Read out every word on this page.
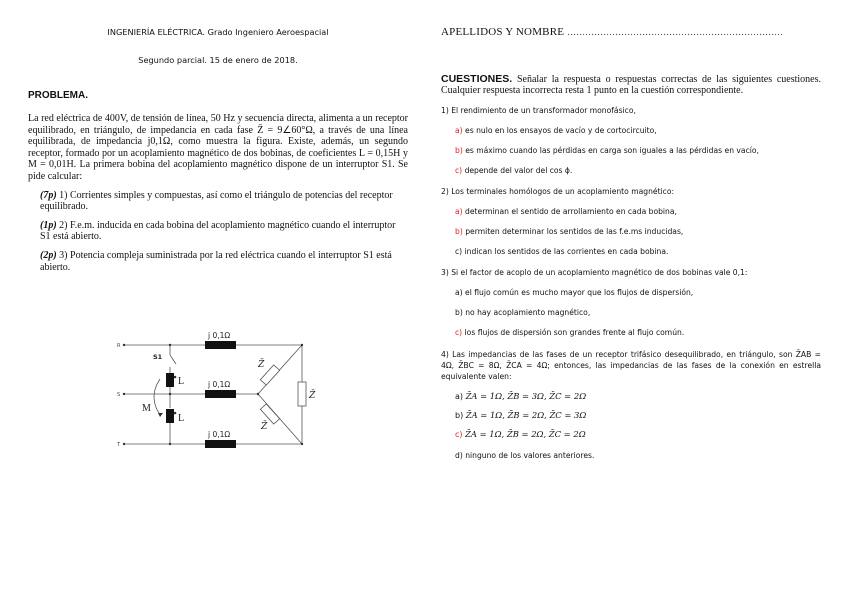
INGENIERÍA ELÉCTRICA. Grado Ingeniero Aeroespacial
Segundo parcial. 15 de enero de 2018.
PROBLEMA.
La red eléctrica de 400V, de tensión de línea, 50 Hz y secuencia directa, alimenta a un receptor equilibrado, en triángulo, de impedancia en cada fase Z̄ = 9∠60°Ω, a través de una línea equilibrada, de impedancia j0,1Ω, como muestra la figura. Existe, además, un segundo receptor, formado por un acoplamiento magnético de dos bobinas, de coeficientes L = 0,15H y M = 0,01H. La primera bobina del acoplamiento magnético dispone de un interruptor S1. Se pide calcular:
(7p) 1) Corrientes simples y compuestas, así como el triángulo de potencias del receptor equilibrado.
(1p) 2) F.e.m. inducida en cada bobina del acoplamiento magnético cuando el interruptor S1 está abierto.
(2p) 3) Potencia compleja suministrada por la red eléctrica cuando el interruptor S1 está abierto.
R
S
T
j 0,1Ω
j 0,1Ω
j 0,1Ω
S1
L
L
M
Z̄
Z̄
Z̄
APELLIDOS Y NOMBRE ………………………………………………………………
CUESTIONES. Señalar la respuesta o respuestas correctas de las siguientes cuestiones. Cualquier respuesta incorrecta resta 1 punto en la cuestión correspondiente.
1) El rendimiento de un transformador monofásico,
a) es nulo en los ensayos de vacío y de cortocircuito,
b) es máximo cuando las pérdidas en carga son iguales a las pérdidas en vacío,
c) depende del valor del cos ϕ.
2) Los terminales homólogos de un acoplamiento magnético:
a) determinan el sentido de arrollamiento en cada bobina,
b) permiten determinar los sentidos de las f.e.ms inducidas,
c) indican los sentidos de las corrientes en cada bobina.
3) Si el factor de acoplo de un acoplamiento magnético de dos bobinas vale 0,1:
a) el flujo común es mucho mayor que los flujos de dispersión,
b) no hay acoplamiento magnético,
c) los flujos de dispersión son grandes frente al flujo común.
4) Las impedancias de las fases de un receptor trifásico desequilibrado, en triángulo, son Z̄AB = 4Ω, Z̄BC = 8Ω, Z̄CA = 4Ω; entonces, las impedancias de las fases de la conexión en estrella equivalente valen:
a) Z̄A = 1Ω, Z̄B = 3Ω, Z̄C = 2Ω
b) Z̄A = 1Ω, Z̄B = 2Ω, Z̄C = 3Ω
c) Z̄A = 1Ω, Z̄B = 2Ω, Z̄C = 2Ω
d) ninguno de los valores anteriores.
